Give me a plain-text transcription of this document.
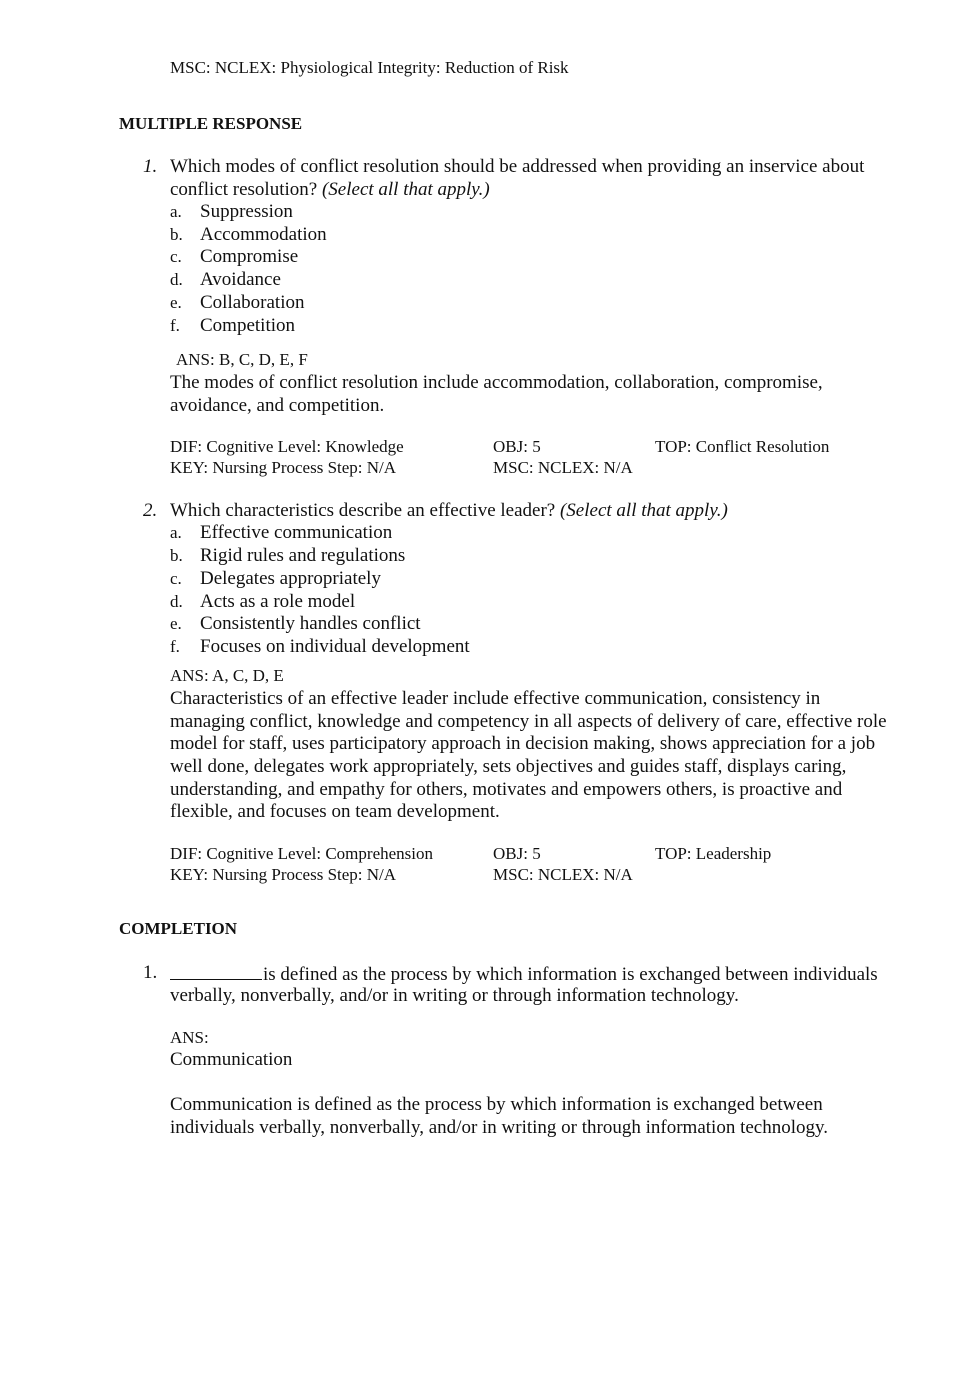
MSC: NCLEX: Physiological Integrity: Reduction of Risk
MULTIPLE RESPONSE
1. Which modes of conflict resolution should be addressed when providing an inservice about
conflict resolution? (Select all that apply.)
a. Suppression
b. Accommodation
c. Compromise
d. Avoidance
e. Collaboration
f. Competition
ANS: B, C, D, E, F
The modes of conflict resolution include accommodation, collaboration, compromise,
avoidance, and competition.
DIF: Cognitive Level: Knowledge	OBJ: 5	TOP: Conflict Resolution
KEY: Nursing Process Step: N/A	MSC: NCLEX: N/A
2. Which characteristics describe an effective leader? (Select all that apply.)
a. Effective communication
b. Rigid rules and regulations
c. Delegates appropriately
d. Acts as a role model
e. Consistently handles conflict
f. Focuses on individual development
ANS: A, C, D, E
Characteristics of an effective leader include effective communication, consistency in
managing conflict, knowledge and competency in all aspects of delivery of care, effective role
model for staff, uses participatory approach in decision making, shows appreciation for a job
well done, delegates work appropriately, sets objectives and guides staff, displays caring,
understanding, and empathy for others, motivates and empowers others, is proactive and
flexible, and focuses on team development.
DIF: Cognitive Level: Comprehension	OBJ: 5	TOP: Leadership
KEY: Nursing Process Step: N/A	MSC: NCLEX: N/A
COMPLETION
1.	is defined as the process by which information is exchanged between individuals
verbally, nonverbally, and/or in writing or through information technology.
ANS:
Communication
Communication is defined as the process by which information is exchanged between
individuals verbally, nonverbally, and/or in writing or through information technology.
